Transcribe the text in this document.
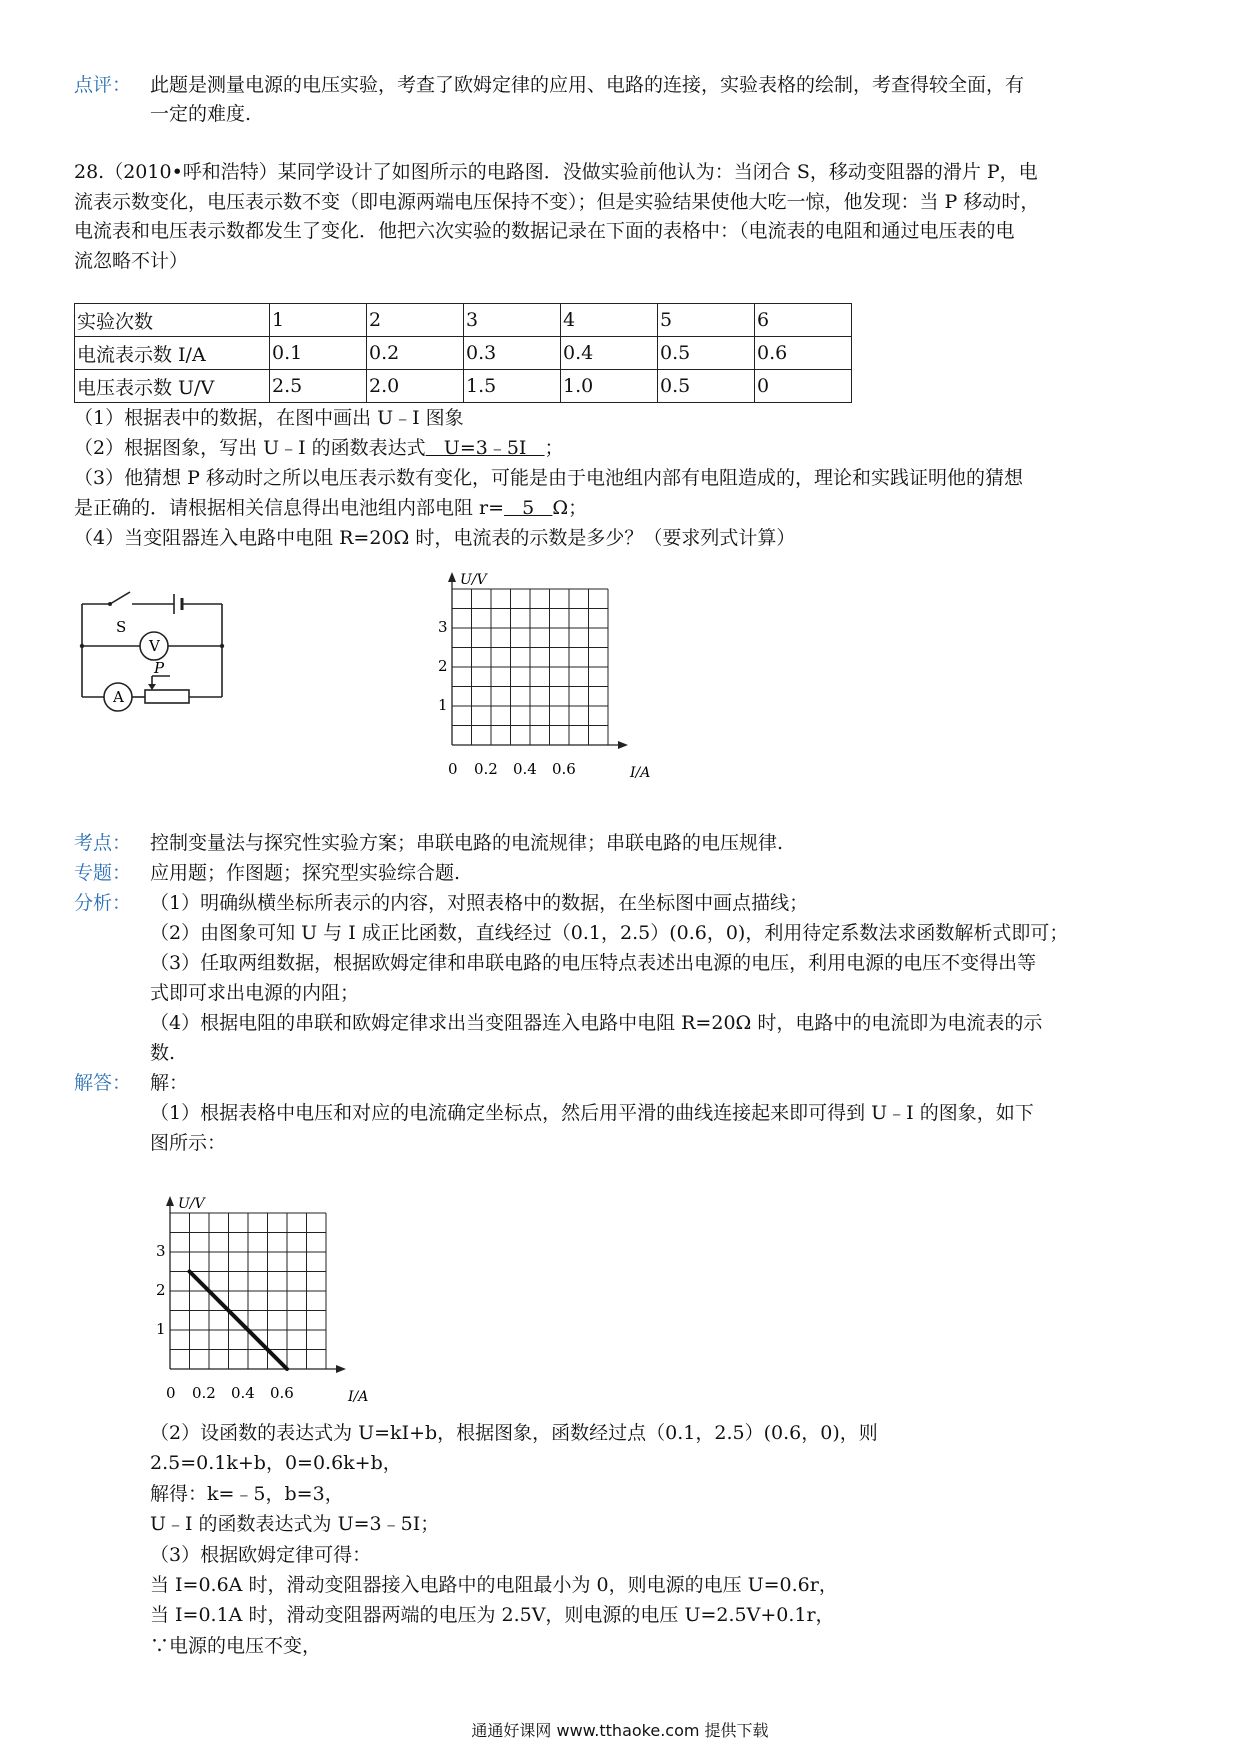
点评： 此题是测量电源的电压实验，考查了欧姆定律的应用、电路的连接，实验表格的绘制，考查得较全面，有
一定的难度.
28.（2010•呼和浩特）某同学设计了如图所示的电路图．没做实验前他认为：当闭合 S，移动变阻器的滑片 P，电
流表示数变化，电压表示数不变（即电源两端电压保持不变）；但是实验结果使他大吃一惊，他发现：当 P 移动时，
电流表和电压表示数都发生了变化．他把六次实验的数据记录在下面的表格中：（电流表的电阻和通过电压表的电
流忽略不计）
实验次数	1	2	3	4	5	6
电流表示数 I/A	0.1	0.2	0.3	0.4	0.5	0.6
电压表示数 U/V	2.5	2.0	1.5	1.0	0.5	0
（1）根据表中的数据，在图中画出 U﹣I 图象
（2）根据图象，写出 U﹣I 的函数表达式   U=3﹣5I   ；
（3）他猜想 P 移动时之所以电压表示数有变化，可能是由于电池组内部有电阻造成的，理论和实践证明他的猜想
是正确的．请根据相关信息得出电池组内部电阻 r=   5   Ω；
（4）当变阻器连入电路中电阻 R=20Ω 时，电流表的示数是多少？（要求列式计算）
S
V
A
P
U/V
I/A
1
2
3
0 0.2 0.4 0.6
考点： 控制变量法与探究性实验方案；串联电路的电流规律；串联电路的电压规律.
专题： 应用题；作图题；探究型实验综合题.
分析： （1）明确纵横坐标所表示的内容，对照表格中的数据，在坐标图中画点描线；
（2）由图象可知 U 与 I 成正比函数，直线经过（0.1，2.5）(0.6，0)，利用待定系数法求函数解析式即可；
（3）任取两组数据，根据欧姆定律和串联电路的电压特点表述出电源的电压，利用电源的电压不变得出等
式即可求出电源的内阻；
（4）根据电阻的串联和欧姆定律求出当变阻器连入电路中电阻 R=20Ω 时，电路中的电流即为电流表的示
数.
解答： 解：
（1）根据表格中电压和对应的电流确定坐标点，然后用平滑的曲线连接起来即可得到 U﹣I 的图象，如下
图所示：
U/V
I/A
1
2
3
0 0.2 0.4 0.6
（2）设函数的表达式为 U=kI+b，根据图象，函数经过点（0.1，2.5）(0.6，0)，则
2.5=0.1k+b，0=0.6k+b，
解得：k=﹣5，b=3，
U﹣I 的函数表达式为 U=3﹣5I；
（3）根据欧姆定律可得：
当 I=0.6A 时，滑动变阻器接入电路中的电阻最小为 0，则电源的电压 U=0.6r，
当 I=0.1A 时，滑动变阻器两端的电压为 2.5V，则电源的电压 U=2.5V+0.1r，
∵电源的电压不变，
通通好课网 www.tthaoke.com 提供下载
